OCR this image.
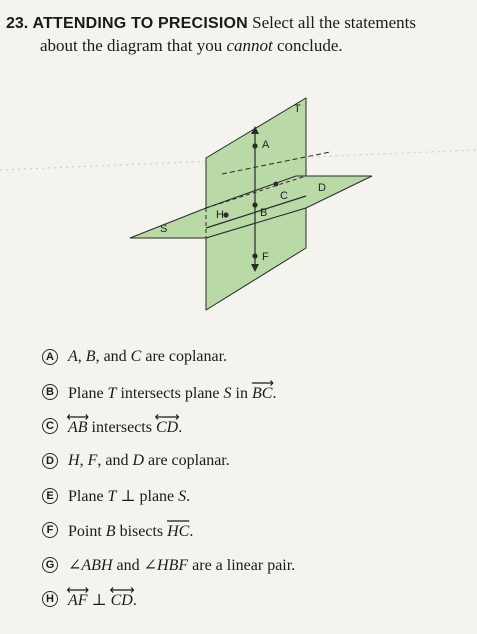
23. ATTENDING TO PRECISION Select all the statements
about the diagram that you cannot conclude.
T
A
C
D
H	B
S
F
A A, B, and C are coplanar.
B Plane T intersects plane S in BC
.
C AB
intersects CD
.
D H, F, and D are coplanar.
E Plane T ⊥ plane S.
F Point B bisects HC
.
G ∠ABH and ∠HBF are a linear pair.
H AF
⊥ CD
.
